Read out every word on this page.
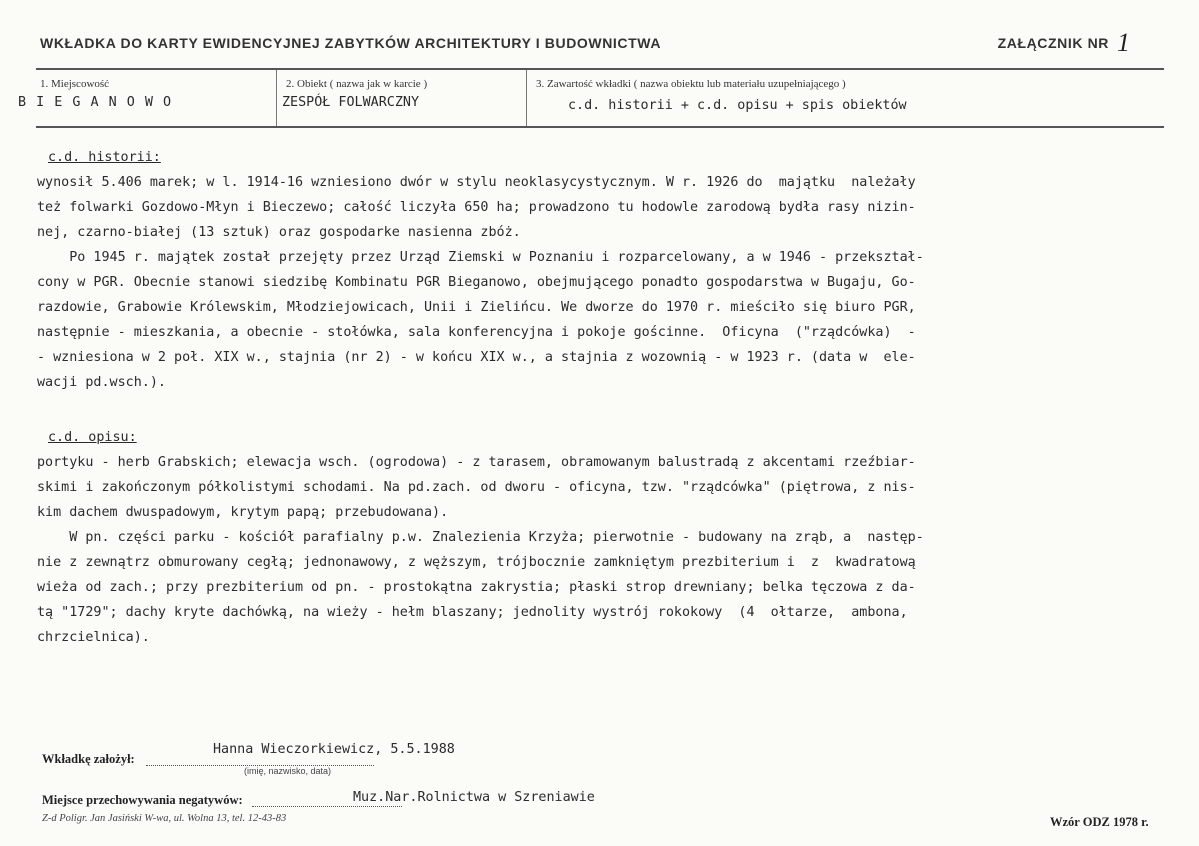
WKŁADKA DO KARTY EWIDENCYJNEJ ZABYTKÓW ARCHITEKTURY I BUDOWNICTWA	ZAŁĄCZNIK NR 1
1. Miejscowość
B I E G A N O W O
2. Obiekt ( nazwa jak w karcie )
ZESPÓŁ FOLWARCZNY
3. Zawartość wkładki ( nazwa obiektu lub materiału uzupełniającego )
c.d. historii + c.d. opisu + spis obiektów
c.d. historii:
wynosił 5.406 marek; w l. 1914-16 wzniesiono dwór w stylu neoklasycystycznym. W r. 1926 do  majątku  należały
też folwarki Gozdowo-Młyn i Bieczewo; całość liczyła 650 ha; prowadzono tu hodowle zarodową bydła rasy nizin-
nej, czarno-białej (13 sztuk) oraz gospodarke nasienna zbóż.
Po 1945 r. majątek został przejęty przez Urząd Ziemski w Poznaniu i rozparcelowany, a w 1946 - przekształ-
cony w PGR. Obecnie stanowi siedzibę Kombinatu PGR Bieganowo, obejmującego ponadto gospodarstwa w Bugaju, Go-
razdowie, Grabowie Królewskim, Młodziejowicach, Unii i Zielińcu. We dworze do 1970 r. mieściło się biuro PGR,
następnie - mieszkania, a obecnie - stołówka, sala konferencyjna i pokoje gościnne.  Oficyna  ("rządcówka)  -
- wzniesiona w 2 poł. XIX w., stajnia (nr 2) - w końcu XIX w., a stajnia z wozownią - w 1923 r. (data w  ele-
wacji pd.wsch.).
c.d. opisu:
portyku - herb Grabskich; elewacja wsch. (ogrodowa) - z tarasem, obramowanym balustradą z akcentami rzeźbiar-
skimi i zakończonym półkolistymi schodami. Na pd.zach. od dworu - oficyna, tzw. "rządcówka" (piętrowa, z nis-
kim dachem dwuspadowym, krytym papą; przebudowana).
W pn. części parku - kościół parafialny p.w. Znalezienia Krzyża; pierwotnie - budowany na zrąb, a  następ-
nie z zewnątrz obmurowany cegłą; jednonawowy, z węższym, trójbocznie zamkniętym prezbiterium i  z  kwadratową
wieża od zach.; przy prezbiterium od pn. - prostokątna zakrystia; płaski strop drewniany; belka tęczowa z da-
tą "1729"; dachy kryte dachówką, na wieży - hełm blaszany; jednolity wystrój rokokowy  (4  ołtarze,  ambona,
chrzcielnica).
Hanna Wieczorkiewicz, 5.5.1988
Wkładkę założył:
(imię, nazwisko, data)
Muz.Nar.Rolnictwa w Szreniawie
Miejsce przechowywania negatywów:
Z-d Poligr. Jan Jasiński W-wa, ul. Wolna 13, tel. 12-43-83	Wzór ODZ 1978 r.
